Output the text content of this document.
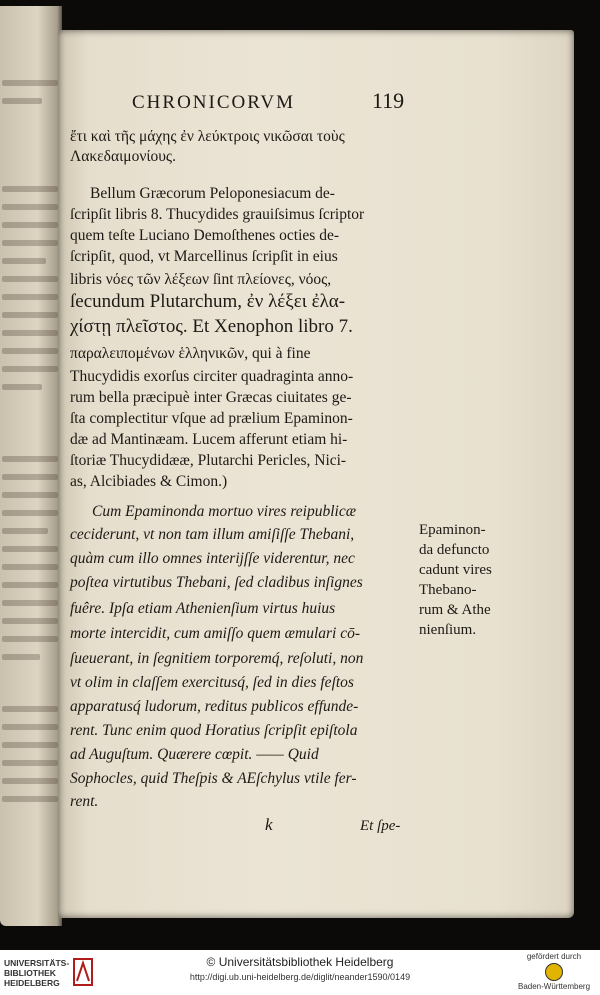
CHRONICORVM	119
ἔτι καὶ τῆς μάχης ἐν λεύκτροις νικῶσαι τοὺς
Λακεδαιμονίους.
Bellum Græcorum Peloponesiacum de-
ſcripſit libris 8. Thucydides grauiſsimus ſcriptor
quem teſte Luciano Demoſthenes octies de-
ſcripſit, quod, vt Marcellinus ſcripſit in eius
libris νόες τῶν λέξεων ſint πλείονες, νόος,
ſecundum Plutarchum, ἐν λέξει ἐλα-
χίστῃ πλεῖστος. Et Xenophon libro 7.
παραλειπομένων ἑλληνικῶν, qui à fine
Thucydidis exorſus circiter quadraginta anno-
rum bella præcipuè inter Græcas ciuitates ge-
ſta complectitur vſque ad prælium Epaminon-
dæ ad Mantinæam. Lucem afferunt etiam hi-
ſtoriæ Thucydidææ, Plutarchi Pericles, Nici-
as, Alcibiades & Cimon.)
Cum Epaminonda mortuo vires reipublicæ
ceciderunt, vt non tam illum amiſiſſe Thebani,
quàm cum illo omnes interijſſe viderentur, nec
poſtea virtutibus Thebani, ſed cladibus inſignes
fuêre. Ipſa etiam Athenienſium virtus huius
morte intercidit, cum amiſſo quem æmulari cō-
ſueuerant, in ſegnitiem torporemq́, reſoluti, non
vt olim in claſſem exercitusq́, ſed in dies feſtos
apparatusq́ ludorum, reditus publicos effunde-
rent. Tunc enim quod Horatius ſcripſit epiſtola
ad Auguſtum. Quærere cœpit. —— Quid
Sophocles, quid Theſpis & AEſchylus vtile fer-
rent.
Epaminon-
da defuncto
cadunt vires
Thebano-
rum & Athe
nienſium.
k	Et ſpe-
UNIVERSITÄTS-
BIBLIOTHEK
HEIDELBERG
© Universitätsbibliothek Heidelberg
http://digi.ub.uni-heidelberg.de/diglit/neander1590/0149
gefördert durch
Baden-Württemberg
